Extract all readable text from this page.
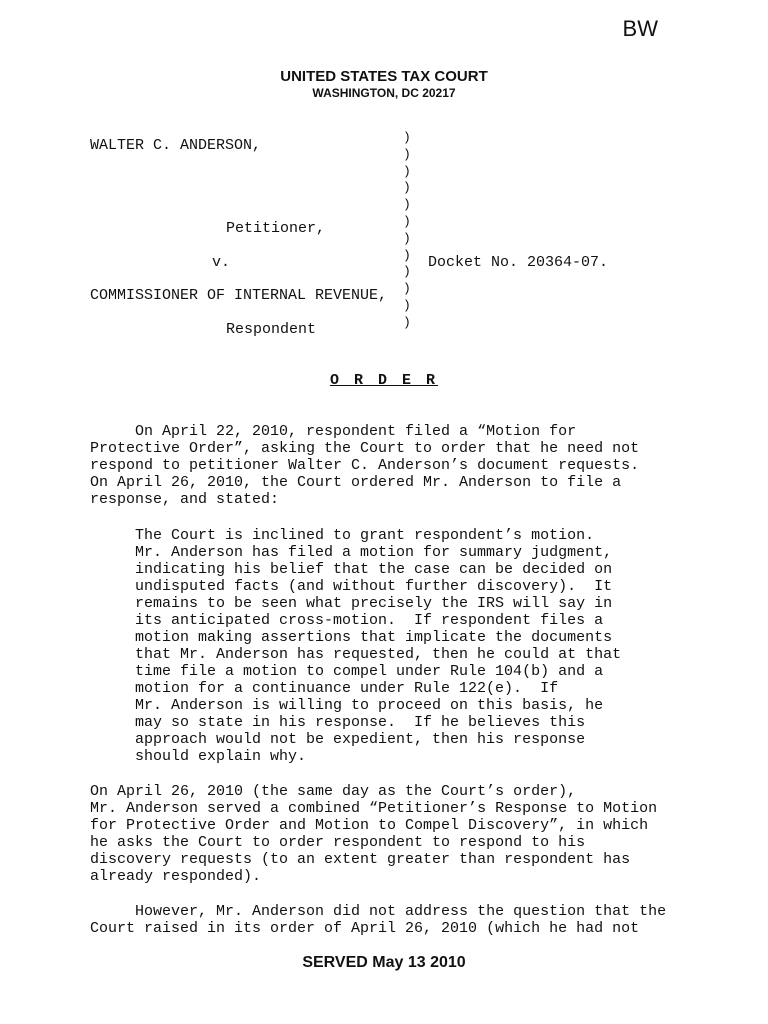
BW
UNITED STATES TAX COURT
WASHINGTON, DC 20217
WALTER C. ANDERSON,
Petitioner,
v.
COMMISSIONER OF INTERNAL REVENUE,
Respondent
)
)
)
)
)
)
)
)
)
)
)
)
Docket No. 20364-07.
O R D E R
On April 22, 2010, respondent filed a “Motion for
Protective Order”, asking the Court to order that he need not
respond to petitioner Walter C. Anderson’s document requests.
On April 26, 2010, the Court ordered Mr. Anderson to file a
response, and stated:
The Court is inclined to grant respondent’s motion.
Mr. Anderson has filed a motion for summary judgment,
indicating his belief that the case can be decided on
undisputed facts (and without further discovery).  It
remains to be seen what precisely the IRS will say in
its anticipated cross-motion.  If respondent files a
motion making assertions that implicate the documents
that Mr. Anderson has requested, then he could at that
time file a motion to compel under Rule 104(b) and a
motion for a continuance under Rule 122(e).  If
Mr. Anderson is willing to proceed on this basis, he
may so state in his response.  If he believes this
approach would not be expedient, then his response
should explain why.
On April 26, 2010 (the same day as the Court’s order),
Mr. Anderson served a combined “Petitioner’s Response to Motion
for Protective Order and Motion to Compel Discovery”, in which
he asks the Court to order respondent to respond to his
discovery requests (to an extent greater than respondent has
already responded).
However, Mr. Anderson did not address the question that the
Court raised in its order of April 26, 2010 (which he had not
SERVED May 13 2010
